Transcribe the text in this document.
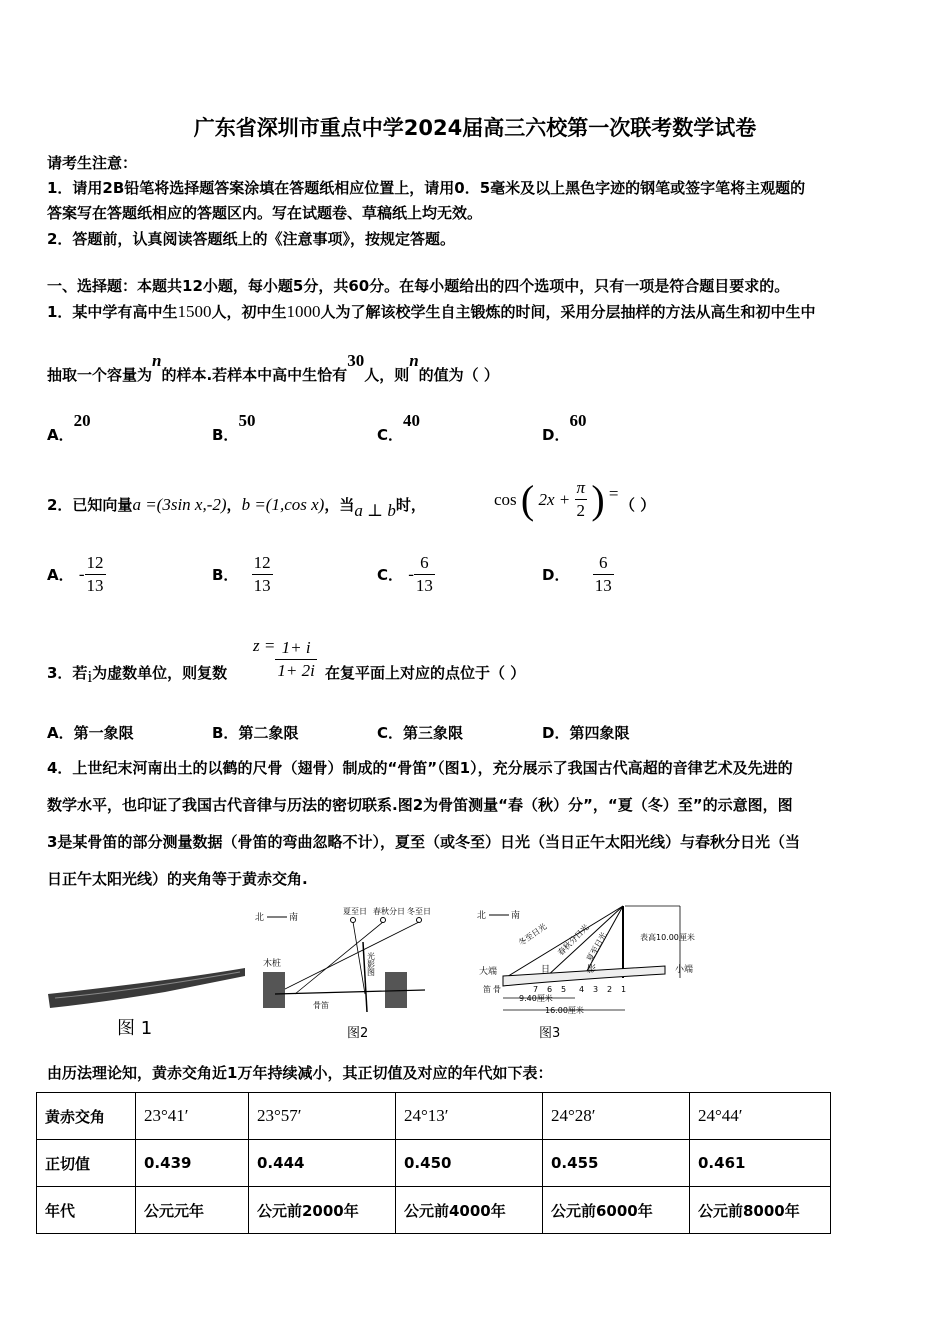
广东省深圳市重点中学2024届高三六校第一次联考数学试卷
请考生注意：
1．请用2B铅笔将选择题答案涂填在答题纸相应位置上，请用0．5毫米及以上黑色字迹的钢笔或签字笔将主观题的
答案写在答题纸相应的答题区内。写在试题卷、草稿纸上均无效。
2．答题前，认真阅读答题纸上的《注意事项》，按规定答题。
一、选择题：本题共12小题，每小题5分，共60分。在每小题给出的四个选项中，只有一项是符合题目要求的。
1．某中学有高中生1500人，初中生1000人为了解该校学生自主锻炼的时间，采用分层抽样的方法从高生和初中生中
抽取一个容量为n的样本.若样本中高中生恰有30人，则n的值为（ ）
A．20
B．50
C．40
D．60
2．已知向量a =(3sin x,‐2)，b =(1,cos x)，当a ⊥ b时，	cos ( $2x + \frac{\pi}{2}$ ) =
（ ）
A． ‐ $\frac{12}{13}$	B． $\frac{12}{13}$	C． ‐ $\frac{6}{13}$	D． $\frac{6}{13}$
3．若i为虚数单位，则复数
$z = \frac{1+ i}{1+ 2i}$ 在复平面上对应的点位于（ ）
A．第一象限	B．第二象限	C．第三象限	D．第四象限
4．上世纪末河南出土的以鹤的尺骨（翅骨）制成的“骨笛”（图1），充分展示了我国古代高超的音律艺术及先进的
数学水平，也印证了我国古代音律与历法的密切联系.图2为骨笛测量“春（秋）分”，“夏（冬）至”的示意图，图
3是某骨笛的部分测量数据（骨笛的弯曲忽略不计），夏至（或冬至）日光（当日正午太阳光线）与春秋分日光（当
日正午太阳光线）的夹角等于黄赤交角.
图 1
北	南
夏至日 春秋分日 冬至日
木桩	光影图
骨笛
图2
北	南
表高10.00厘米
冬至日光 春秋分日光
夏至日光
大端	小端
日	影
笛 骨	7 6 5 4 3 2 1
9.40厘米
16.00厘米
图3
由历法理论知，黄赤交角近1万年持续减小，其正切值及对应的年代如下表：
黄赤交角	23°41′	23°57′	24°13′	24°28′	24°44′
正切值	0.439	0.444	0.450	0.455	0.461
年代	公元元年	公元前2000年	公元前4000年	公元前6000年	公元前8000年
